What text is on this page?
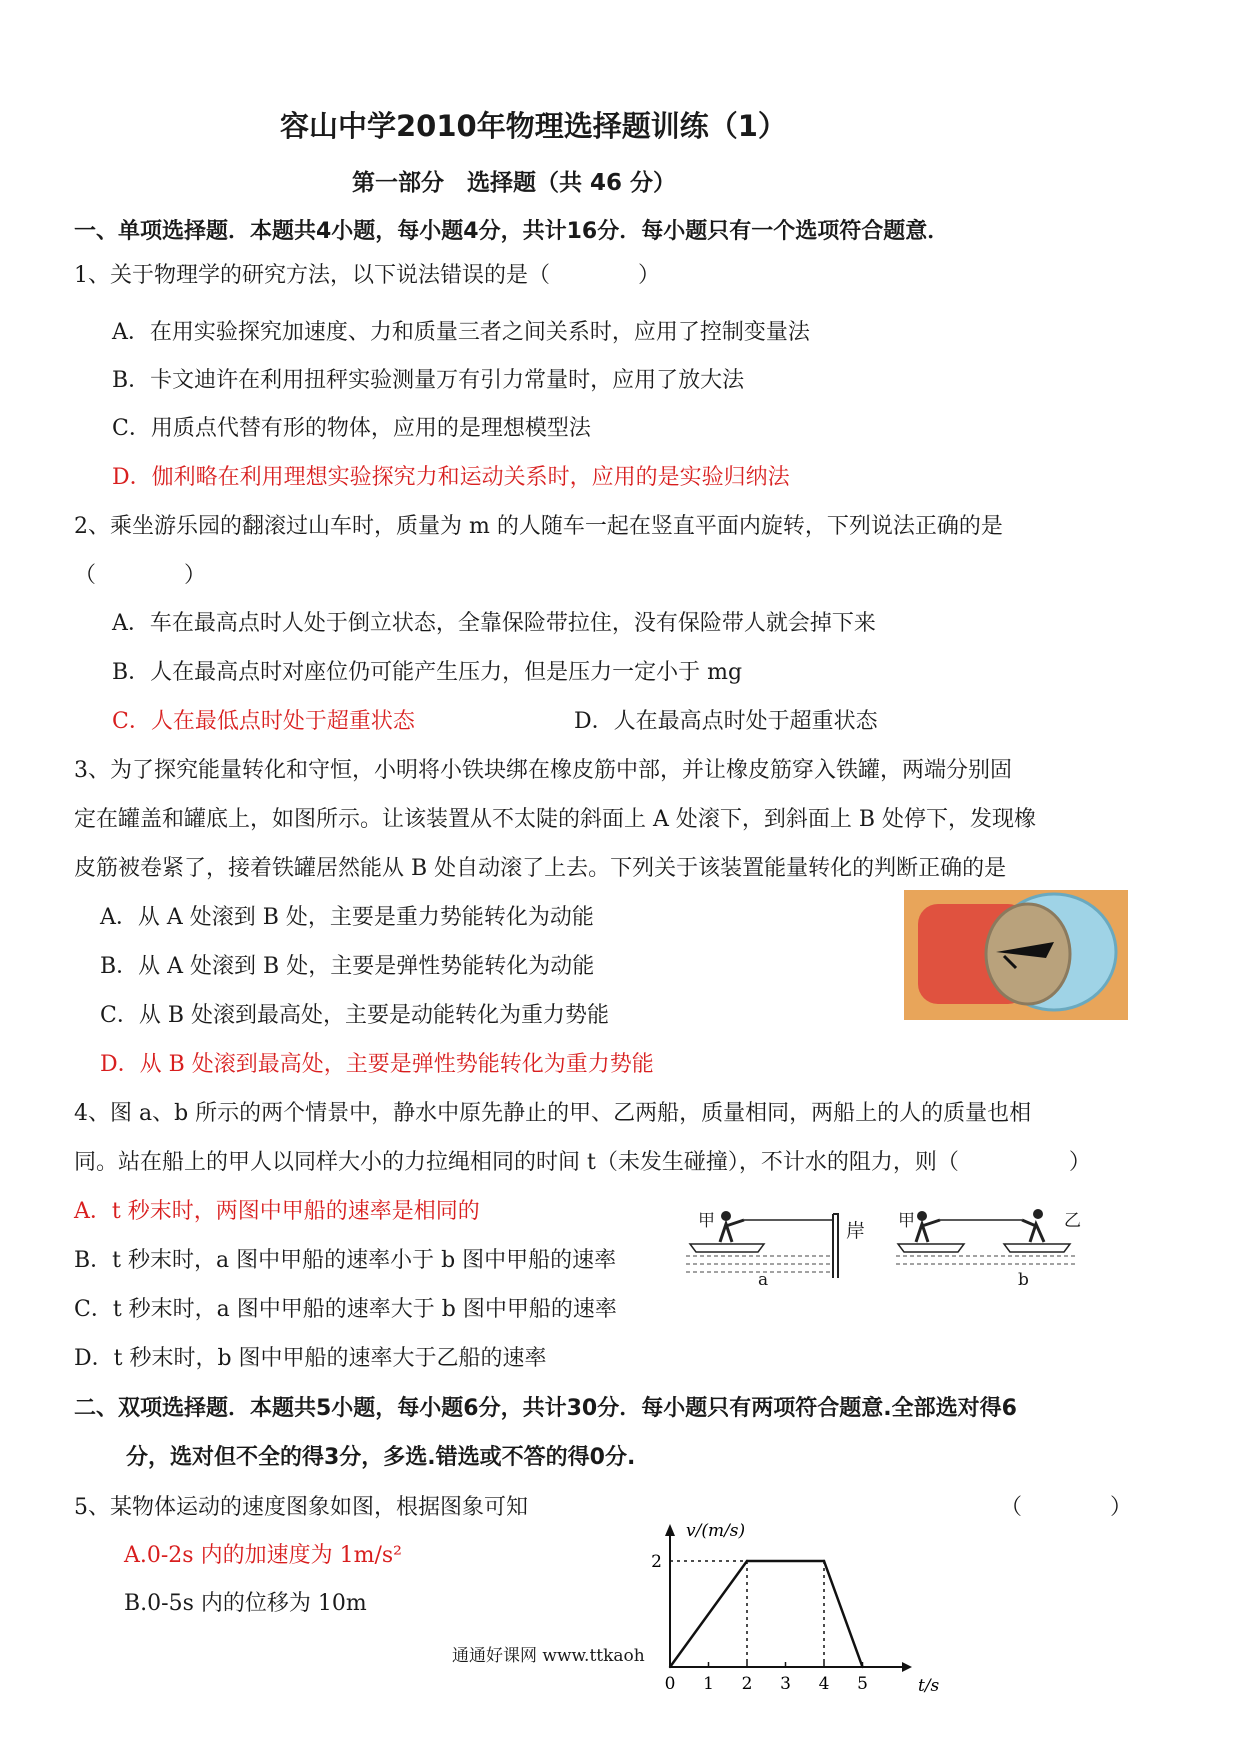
容山中学2010年物理选择题训练（1）
第一部分　选择题（共 46 分）
一、单项选择题．本题共4小题，每小题4分，共计16分．每小题只有一个选项符合题意．
1、关于物理学的研究方法，以下说法错误的是（　　　　）
A．在用实验探究加速度、力和质量三者之间关系时，应用了控制变量法
B．卡文迪许在利用扭秤实验测量万有引力常量时，应用了放大法
C．用质点代替有形的物体，应用的是理想模型法
D．伽利略在利用理想实验探究力和运动关系时，应用的是实验归纳法
2、乘坐游乐园的翻滚过山车时，质量为 m 的人随车一起在竖直平面内旋转，下列说法正确的是
（　　　　）
A．车在最高点时人处于倒立状态，全靠保险带拉住，没有保险带人就会掉下来
B．人在最高点时对座位仍可能产生压力，但是压力一定小于 mg
C．人在最低点时处于超重状态	D．人在最高点时处于超重状态
3、为了探究能量转化和守恒，小明将小铁块绑在橡皮筋中部，并让橡皮筋穿入铁罐，两端分别固
定在罐盖和罐底上，如图所示。让该装置从不太陡的斜面上 A 处滚下，到斜面上 B 处停下，发现橡
皮筋被卷紧了，接着铁罐居然能从 B 处自动滚了上去。下列关于该装置能量转化的判断正确的是
A．从 A 处滚到 B 处，主要是重力势能转化为动能
B．从 A 处滚到 B 处，主要是弹性势能转化为动能
C．从 B 处滚到最高处，主要是动能转化为重力势能
D．从 B 处滚到最高处，主要是弹性势能转化为重力势能
4、图 a、b 所示的两个情景中，静水中原先静止的甲、乙两船，质量相同，两船上的人的质量也相
同。站在船上的甲人以同样大小的力拉绳相同的时间 t（未发生碰撞），不计水的阻力，则（　　　　　）
A．t 秒末时，两图中甲船的速率是相同的
B．t 秒末时，a 图中甲船的速率小于 b 图中甲船的速率
C．t 秒末时，a 图中甲船的速率大于 b 图中甲船的速率
D．t 秒末时，b 图中甲船的速率大于乙船的速率
甲	岸
a
甲	乙
b
二、双项选择题．本题共5小题，每小题6分，共计30分．每小题只有两项符合题意.全部选对得6
分，选对但不全的得3分，多选.错选或不答的得0分.
5、某物体运动的速度图象如图，根据图象可知	（　　　　）
A.0-2s 内的加速度为 1m/s²
B.0-5s 内的位移为 10m
0 1 2 3 4 5
2
v/(m/s)
t/s
通通好课网 www.ttkaoh
